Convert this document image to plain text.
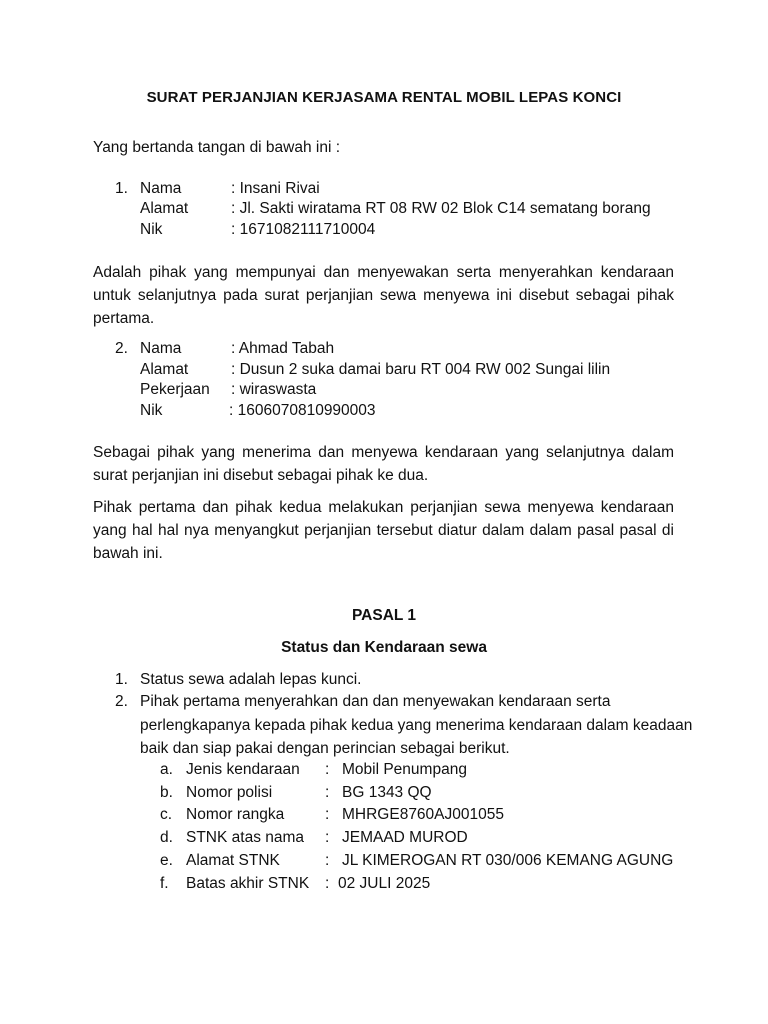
SURAT PERJANJIAN KERJASAMA RENTAL MOBIL LEPAS KONCI
Yang bertanda tangan di bawah ini :
1. Nama	: Insani Rivai
Alamat	: Jl. Sakti wiratama RT 08 RW 02 Blok C14 sematang borang
Nik	: 1671082111710004
Adalah pihak yang mempunyai dan menyewakan serta menyerahkan kendaraan untuk selanjutnya pada surat perjanjian sewa menyewa ini disebut sebagai pihak pertama.
2. Nama	: Ahmad Tabah
Alamat	: Dusun 2 suka damai baru RT 004 RW 002 Sungai lilin
Pekerjaan : wiraswasta
Nik	: 1606070810990003
Sebagai pihak yang menerima dan menyewa kendaraan yang selanjutnya dalam surat perjanjian ini disebut sebagai pihak ke dua.
Pihak pertama dan pihak kedua melakukan perjanjian sewa menyewa kendaraan yang hal hal nya menyangkut perjanjian tersebut diatur dalam dalam pasal pasal di bawah ini.
PASAL 1
Status dan Kendaraan sewa
1. Status sewa adalah lepas kunci.
2. Pihak pertama menyerahkan dan dan menyewakan kendaraan serta perlengkapanya kepada pihak kedua yang menerima kendaraan dalam keadaan baik dan siap pakai dengan perincian sebagai berikut.
a. Jenis kendaraan : Mobil Penumpang
b. Nomor polisi	: BG 1343 QQ
c. Nomor rangka	: MHRGE8760AJ001055
d. STNK atas nama : JEMAAD MUROD
e. Alamat STNK	: JL KIMEROGAN RT 030/006 KEMANG AGUNG
f. Batas akhir STNK : 02 JULI 2025
